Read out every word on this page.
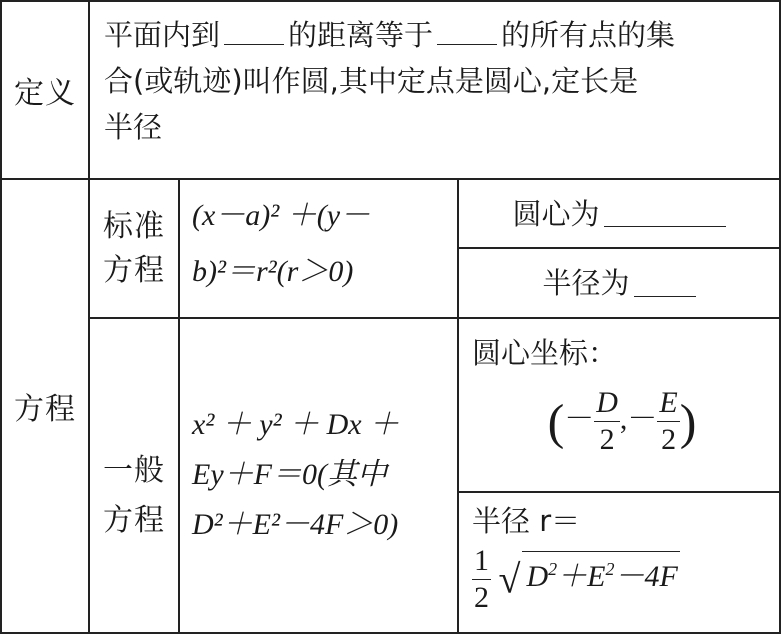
定义
平面内到 的距离等于 的所有点的集
合(或轨迹)叫作圆,其中定点是圆心,定长是
半径
方程
标准
方程
(x－a)² ＋(y－
b)²＝r²(r＞0)
圆心为
半径为
一般
方程
x² ＋ y² ＋ Dx ＋
Ey＋F＝0(其中
D²＋E²－4F＞0)
圆心坐标：
(－ $\frac{D}{2}$ ,－ $\frac{E}{2}$ )
半径 r＝
$\frac{1}{2}$ √ $D^2+E^2-4F$
